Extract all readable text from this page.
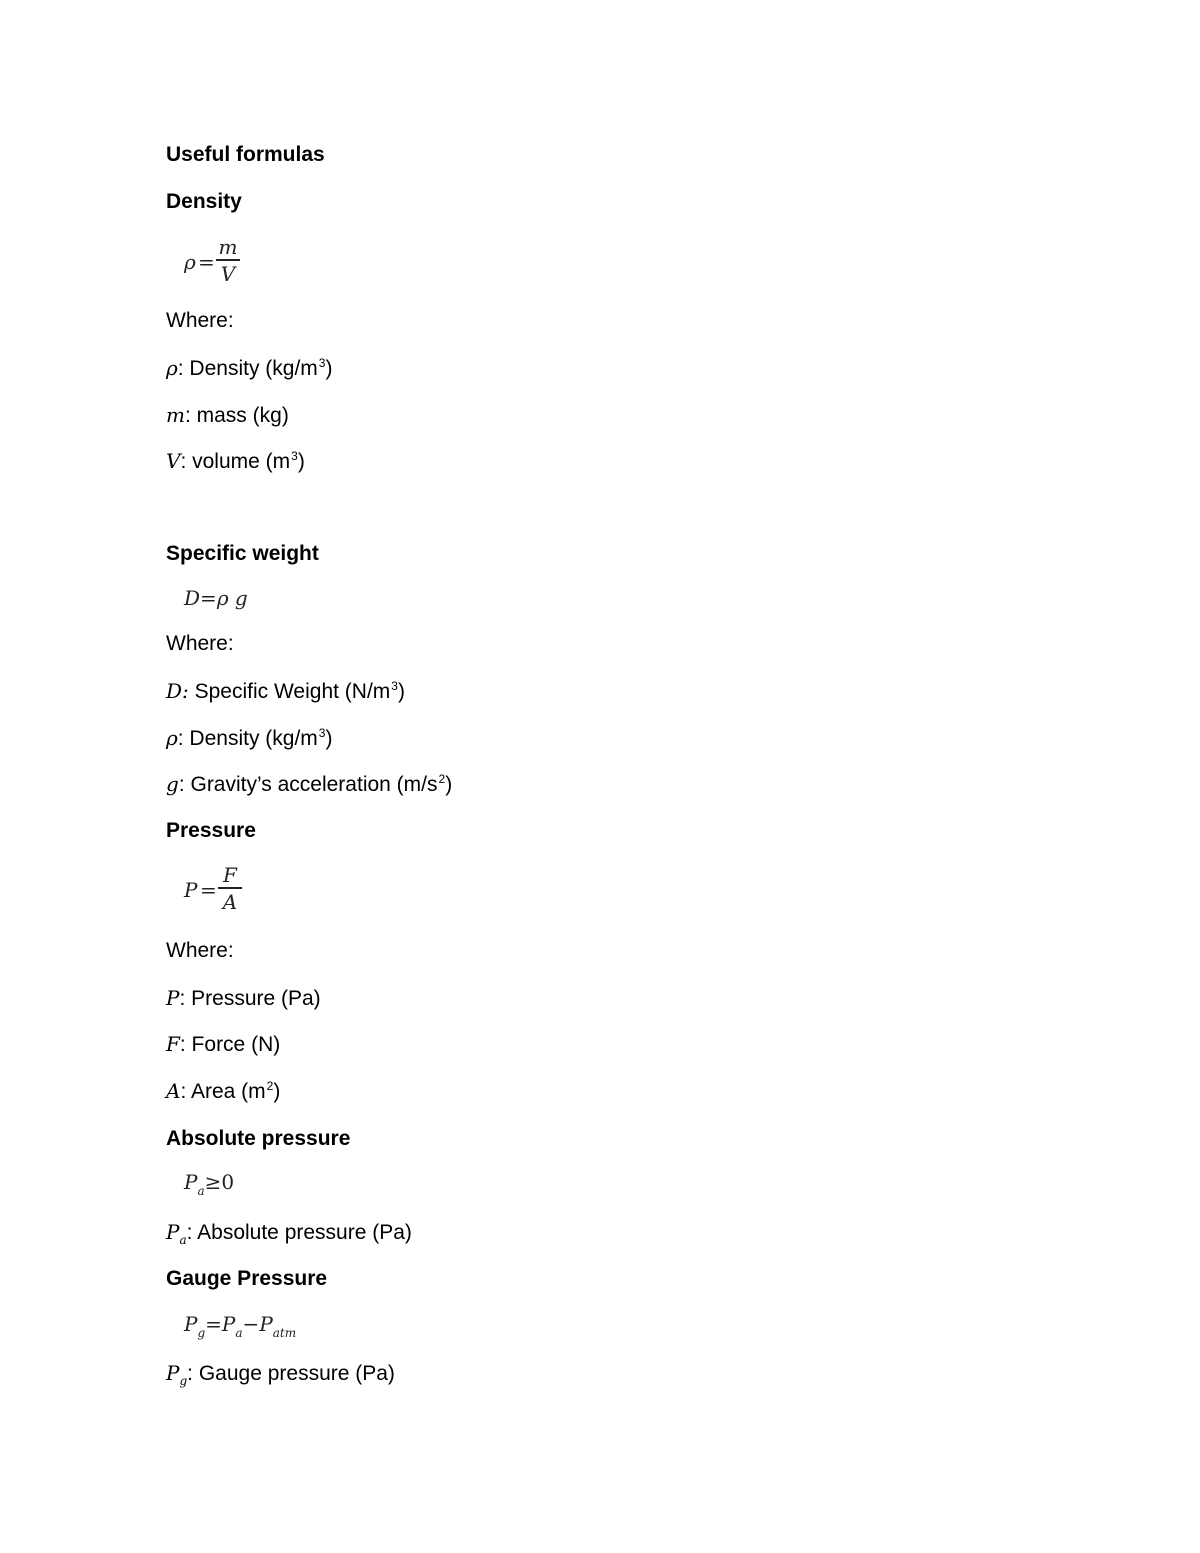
Useful formulas
Density
ρ =
m
V
Where:
ρ: Density $(kg/m^3)$
m: mass (kg)
V: volume $(m^3)$
Specific weight
D=ρ g
Where:
D: Specific Weight $(N/m^3)$
ρ: Density $(kg/m^3)$
g: Gravity’s acceleration $(m/s^2)$
Pressure
P =
F
A
Where:
P: Pressure (Pa)
F: Force (N)
A: Area $(m^2)$
Absolute pressure
$P_a\ge 0$
$P_a$: Absolute pressure (Pa)
Gauge Pressure
$P_g=P_a-P_{atm}$
$P_g$: Gauge pressure (Pa)
